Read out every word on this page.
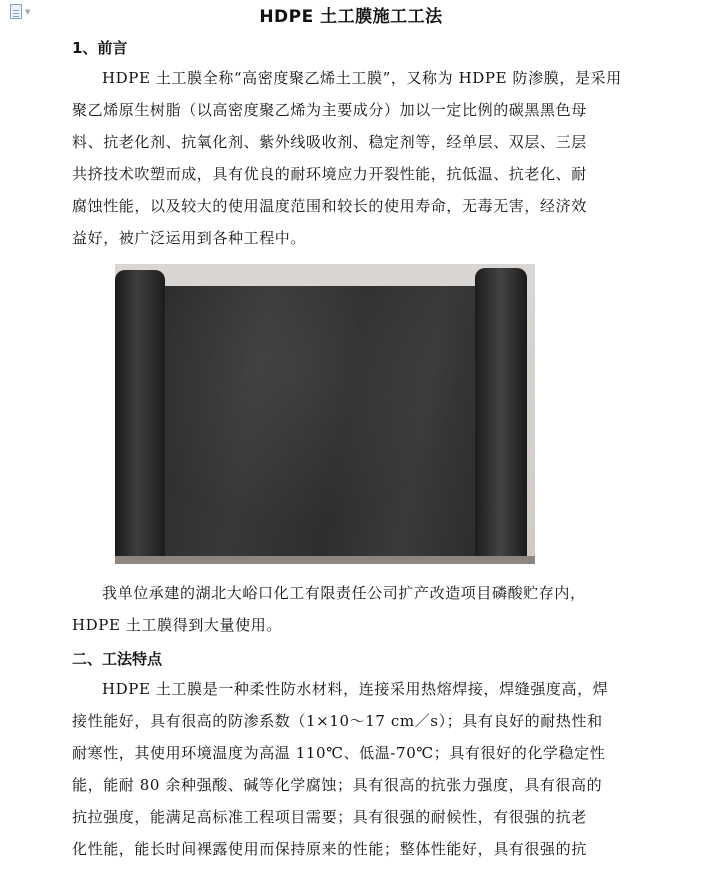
▼	HDPE 土工膜施工工法
1、前言
HDPE 土工膜全称“高密度聚乙烯土工膜”，又称为 HDPE 防渗膜，是采用
聚乙烯原生树脂（以高密度聚乙烯为主要成分）加以一定比例的碳黑黑色母
料、抗老化剂、抗氧化剂、紫外线吸收剂、稳定剂等，经单层、双层、三层
共挤技术吹塑而成，具有优良的耐环境应力开裂性能，抗低温、抗老化、耐
腐蚀性能，以及较大的使用温度范围和较长的使用寿命，无毒无害，经济效
益好，被广泛运用到各种工程中。
我单位承建的湖北大峪口化工有限责任公司扩产改造项目磷酸贮存内，
HDPE 土工膜得到大量使用。
二、工法特点
HDPE 土工膜是一种柔性防水材料，连接采用热熔焊接，焊缝强度高，焊
接性能好，具有很高的防渗系数（1×10～17 cm／s）；具有良好的耐热性和
耐寒性，其使用环境温度为高温 110℃、低温-70℃；具有很好的化学稳定性
能，能耐 80 余种强酸、碱等化学腐蚀；具有很高的抗张力强度，具有很高的
抗拉强度，能满足高标准工程项目需要；具有很强的耐候性，有很强的抗老
化性能，能长时间裸露使用而保持原来的性能；整体性能好，具有很强的抗
